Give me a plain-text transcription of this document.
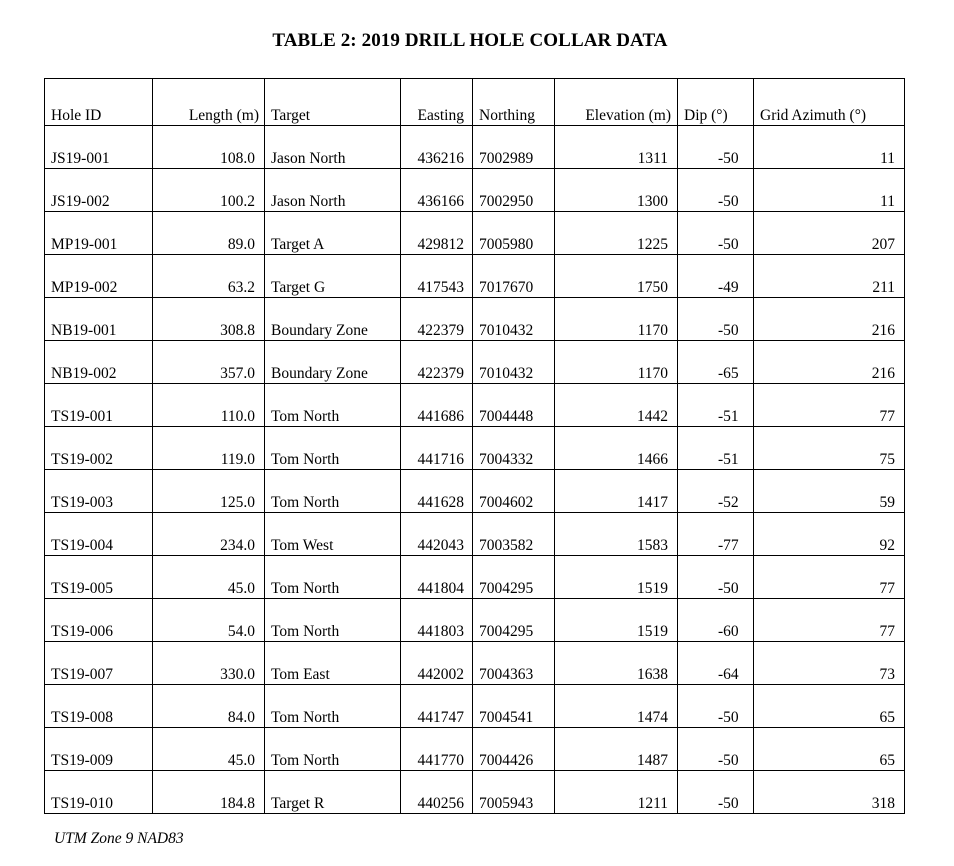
TABLE 2: 2019 DRILL HOLE COLLAR DATA
Hole ID	Length (m)	Target	Easting	Northing	Elevation (m)	Dip (°)	Grid Azimuth (°)
JS19-001	108.0	Jason North	436216	7002989	1311	-50	11
JS19-002	100.2	Jason North	436166	7002950	1300	-50	11
MP19-001	89.0	Target A	429812	7005980	1225	-50	207
MP19-002	63.2	Target G	417543	7017670	1750	-49	211
NB19-001	308.8	Boundary Zone	422379	7010432	1170	-50	216
NB19-002	357.0	Boundary Zone	422379	7010432	1170	-65	216
TS19-001	110.0	Tom North	441686	7004448	1442	-51	77
TS19-002	119.0	Tom North	441716	7004332	1466	-51	75
TS19-003	125.0	Tom North	441628	7004602	1417	-52	59
TS19-004	234.0	Tom West	442043	7003582	1583	-77	92
TS19-005	45.0	Tom North	441804	7004295	1519	-50	77
TS19-006	54.0	Tom North	441803	7004295	1519	-60	77
TS19-007	330.0	Tom East	442002	7004363	1638	-64	73
TS19-008	84.0	Tom North	441747	7004541	1474	-50	65
TS19-009	45.0	Tom North	441770	7004426	1487	-50	65
TS19-010	184.8	Target R	440256	7005943	1211	-50	318
UTM Zone 9 NAD83
